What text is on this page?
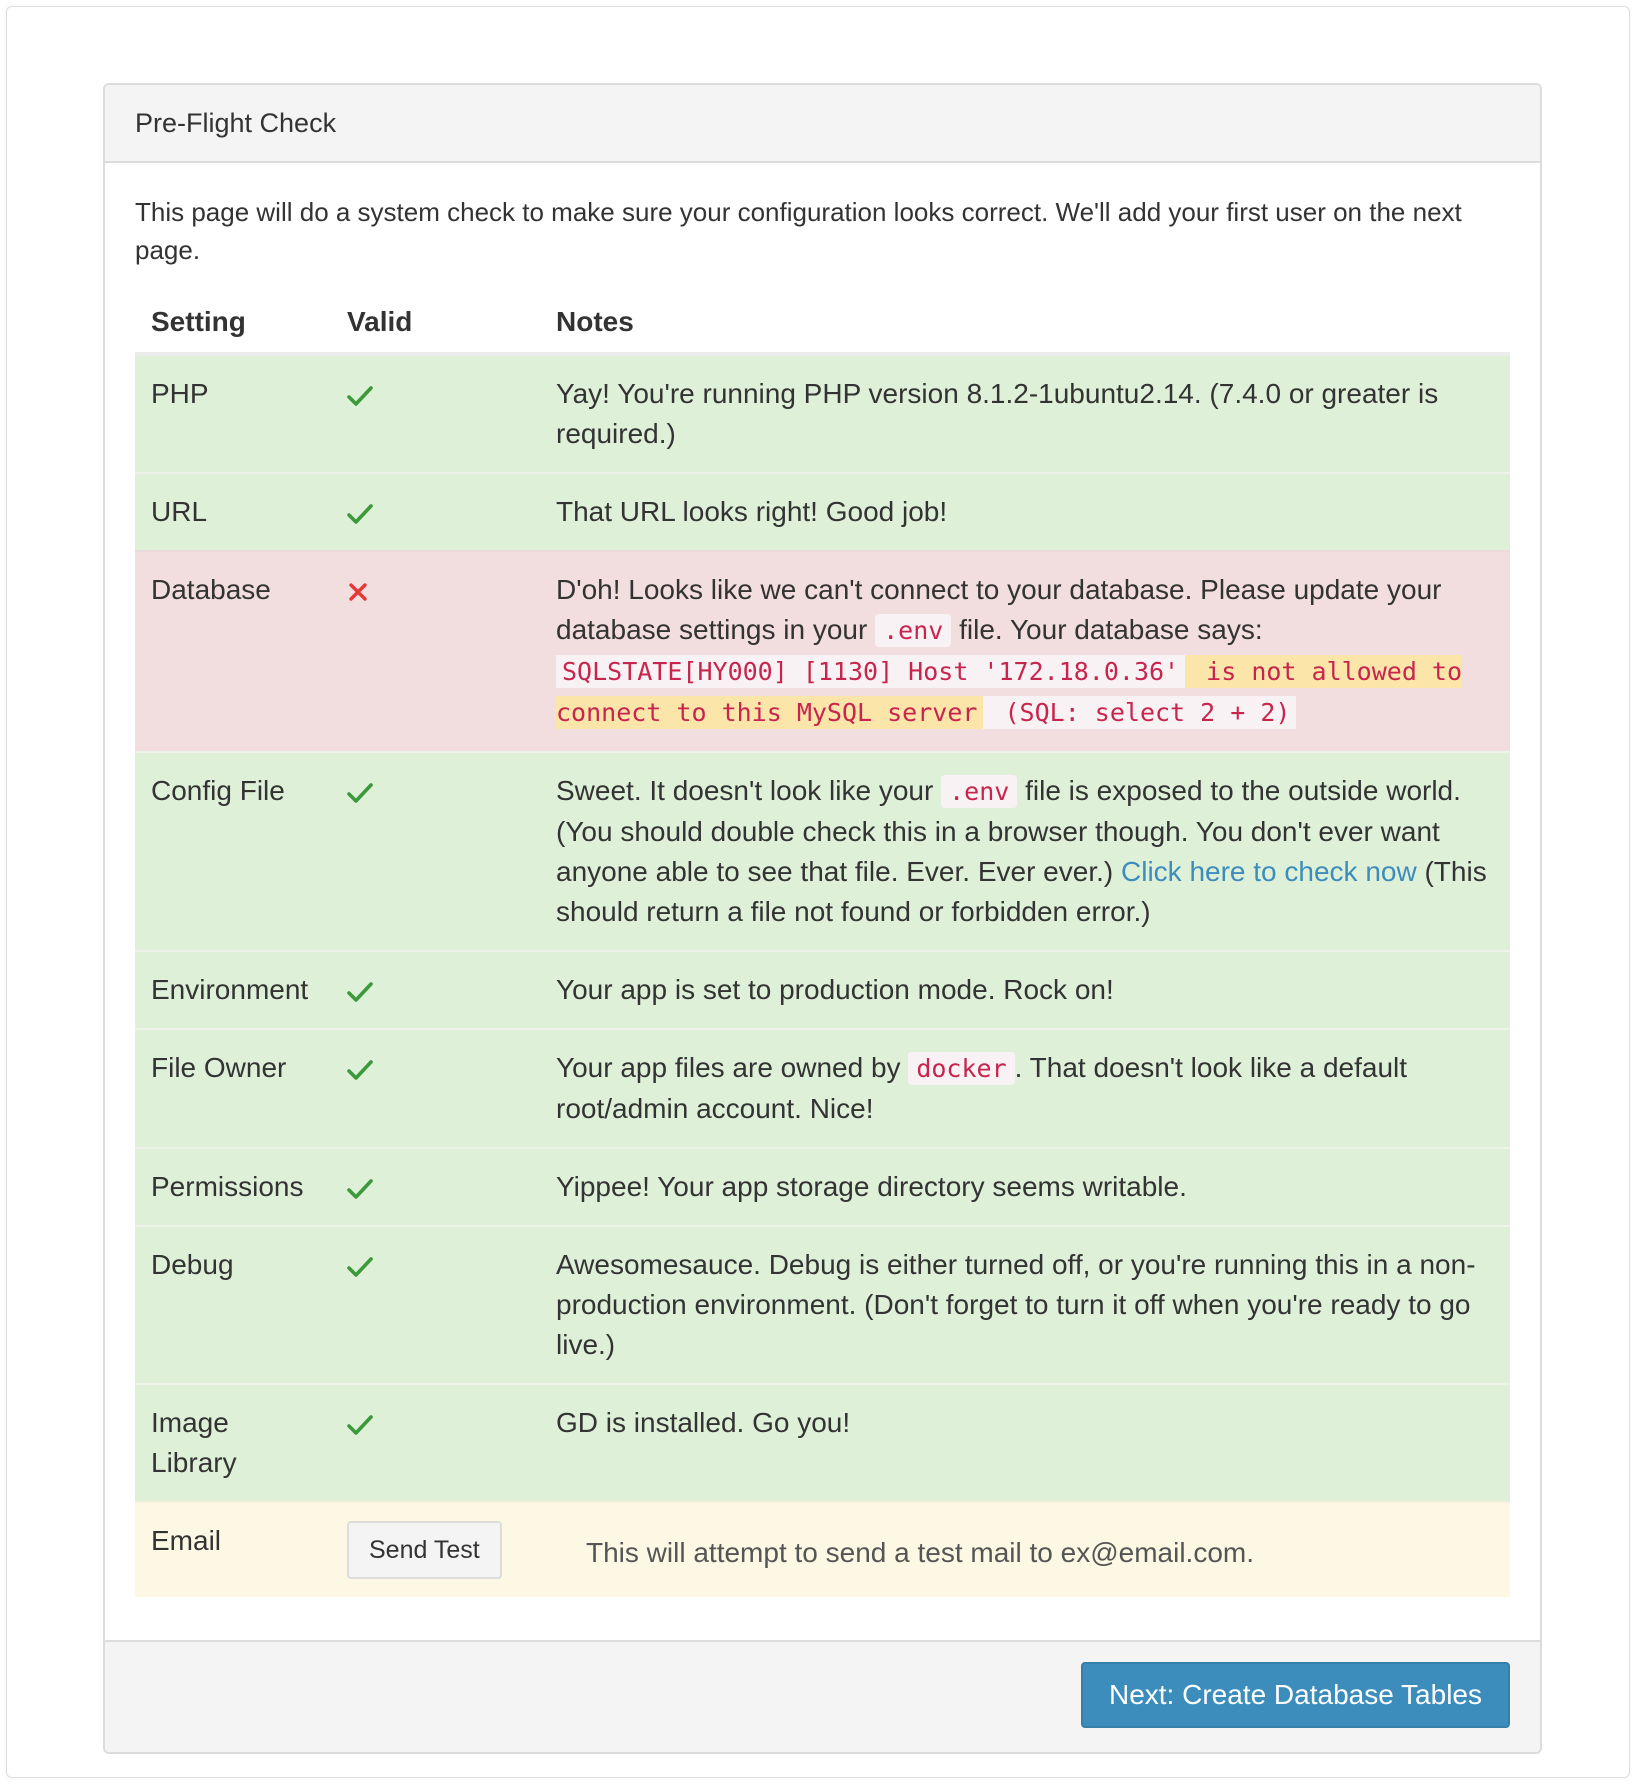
Pre-Flight Check

This page will do a system check to make sure your configuration looks correct. We'll add your first user on the next page.

Setting	Valid	Notes
PHP		Yay! You're running PHP version 8.1.2-1ubuntu2.14. (7.4.0 or greater is required.)
URL		That URL looks right! Good job!
Database		D'oh! Looks like we can't connect to your database. Please update your database settings in your .env file. Your database says:
SQLSTATE[HY000] [1130] Host '172.18.0.36' is not allowed to connect to this MySQL server (SQL: select 2 + 2)
Config File		Sweet. It doesn't look like your .env file is exposed to the outside world. (You should double check this in a browser though. You don't ever want anyone able to see that file. Ever. Ever ever.) Click here to check now (This should return a file not found or forbidden error.)
Environment		Your app is set to production mode. Rock on!
File Owner		Your app files are owned by docker . That doesn't look like a default root/admin account. Nice!
Permissions		Yippee! Your app storage directory seems writable.
Debug		Awesomesauce. Debug is either turned off, or you're running this in a non-production environment. (Don't forget to turn it off when you're ready to go live.)
Image Library		GD is installed. Go you!
Email	Send Test	This will attempt to send a test mail to ex@email.com.
Next: Create Database Tables
